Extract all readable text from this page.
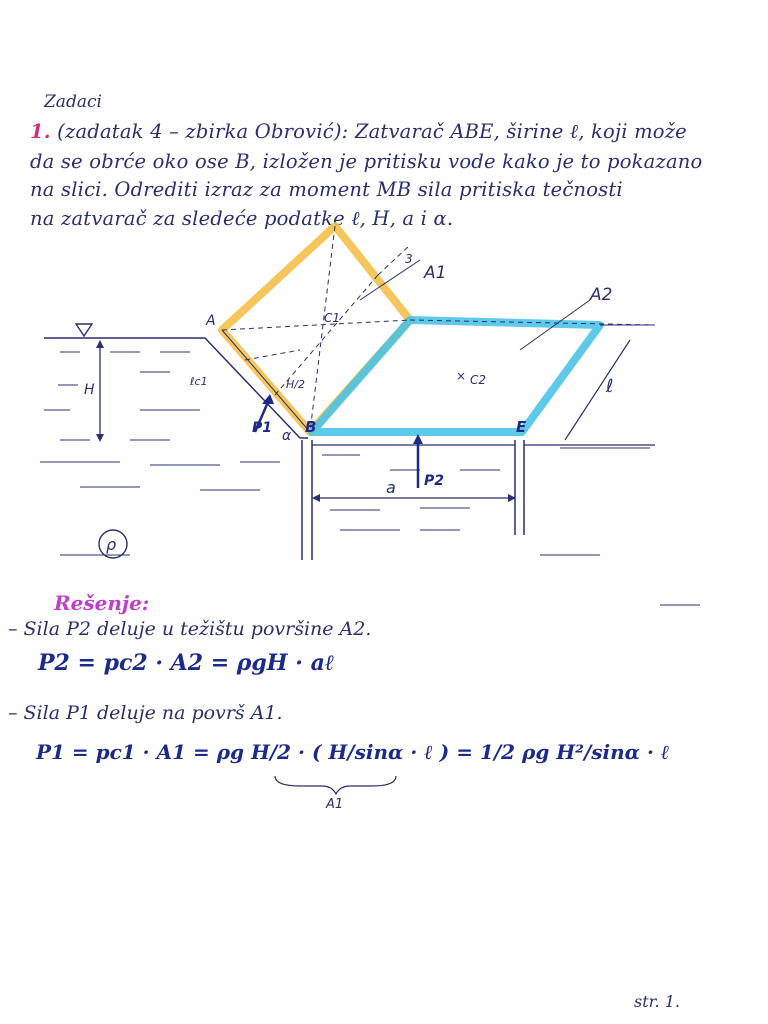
Zadaci
1. (zadatak 4 – zbirka Obrović): Zatvarač ABE, širine ℓ, koji može
da se obrće oko ose B, izložen je pritisku vode kako je to pokazano
na slici. Odrediti izraz za moment MB sila pritiska tečnosti
na zatvarač za sledeće podatke ℓ, H, a i α.
H	ℓ
a
A1
A2
3
A
B	E
C1
C2
×
ℓc1	H/2
α
P1
P2
ρ
A1
Rešenje:
– Sila P2 deluje u težištu površine A2.
P2 = pc2 · A2 = ρgH · aℓ
– Sila P1 deluje na površ A1.
P1 = pc1 · A1 = ρg H/2 · ( H/sinα · ℓ ) = 1/2 ρg H²/sinα · ℓ
str. 1.
